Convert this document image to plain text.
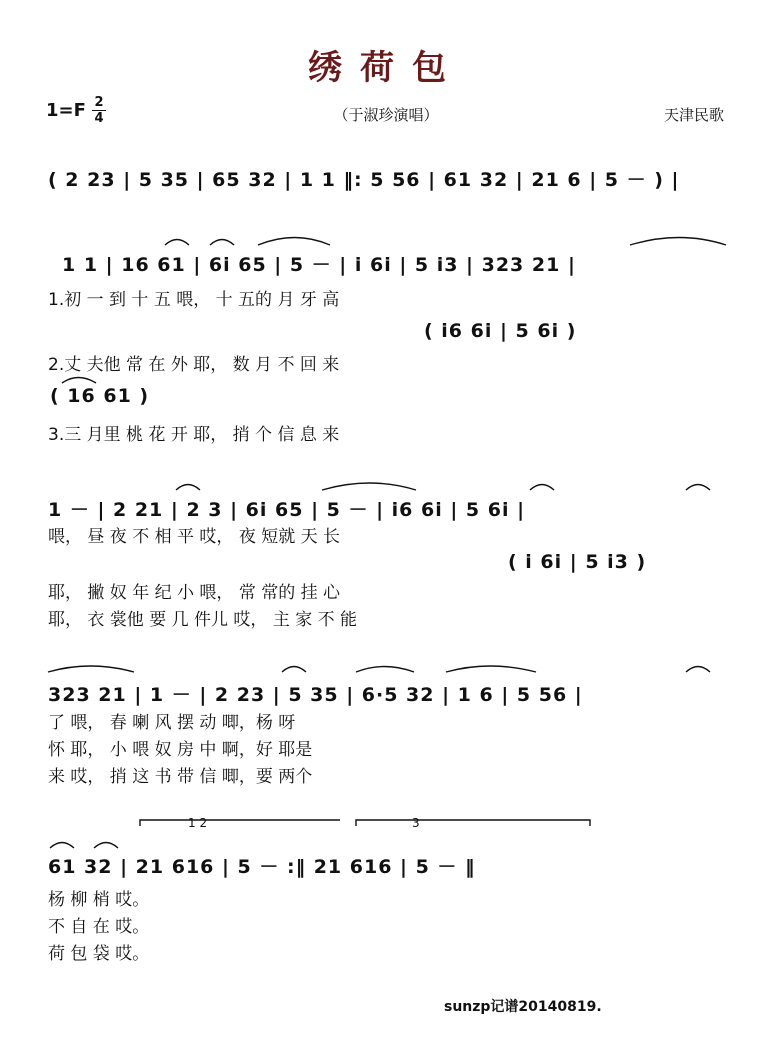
绣荷包
1=F 2
4	（于淑珍演唱）	天津民歌
( 2 23 | 5 35 | 65 32 | 1 1 ‖: 5 56 | 61 32 | 21 6 | 5 － ) |
1 1 | 16 61 | 6i 65 | 5 － | i 6i | 5 i3 | 323 21 |
1.初 一 到 十 五 喂， 十 五的 月 牙 高
( i6 6i | 5 6i )
2.丈 夫他 常 在 外 耶， 数 月 不 回 来
( 16 61 )
3.三 月里 桃 花 开 耶， 捎 个 信 息 来
1 － | 2 21 | 2 3 | 6i 65 | 5 － | i6 6i | 5 6i |
喂， 昼 夜 不 相 平 哎， 夜 短就 天 长
( i 6i | 5 i3 )
耶， 撇 奴 年 纪 小 喂， 常 常的 挂 心
耶， 衣 裳他 要 几 件儿 哎， 主 家 不 能
323 21 | 1 － | 2 23 | 5 35 | 6·5 32 | 1 6 | 5 56 |
了 喂， 春 喇 风 摆 动 唧，杨 呀
怀 耶， 小 喂 奴 房 中 啊，好 耶是
来 哎， 捎 这 书 带 信 唧，要 两个
1 2	3
61 32 | 21 616 | 5 － :‖ 21 616 | 5 － ‖
杨 柳 梢 哎。
不 自 在 哎。
荷 包 袋 哎。
sunzp记谱20140819.
